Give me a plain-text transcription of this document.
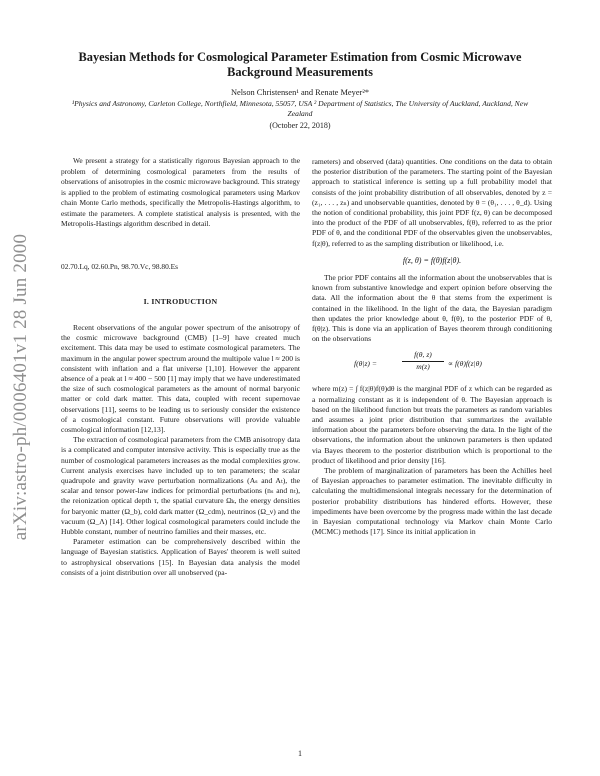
arXiv:astro-ph/0006401v1 28 Jun 2000
Bayesian Methods for Cosmological Parameter Estimation from Cosmic Microwave Background Measurements
Nelson Christensen¹ and Renate Meyer²*
¹Physics and Astronomy, Carleton College, Northfield, Minnesota, 55057, USA ² Department of Statistics, The University of Auckland, Auckland, New Zealand
(October 22, 2018)

We present a strategy for a statistically rigorous Bayesian approach to the problem of determining cosmological parameters from the results of observations of anisotropies in the cosmic microwave background. This strategy is applied to the problem of estimating cosmological parameters using Markov chain Monte Carlo methods, specifically the Metropolis-Hastings algorithm, to estimate the parameters. A complete statistical analysis is presented, with the Metropolis-Hastings algorithm described in detail.

02.70.Lq, 02.60.Pn, 98.70.Vc, 98.80.Es
I. INTRODUCTION

Recent observations of the angular power spectrum of the anisotropy of the cosmic microwave background (CMB) [1–9] have created much excitement. This data may be used to estimate cosmological parameters. The maximum in the angular power spectrum around the multipole value l ≈ 200 is consistent with inflation and a flat universe [1,10]. However the apparent absence of a peak at l ≈ 400 − 500 [1] may imply that we have underestimated the size of such cosmological parameters as the amount of normal baryonic matter or cold dark matter. This data, coupled with recent supernovae observations [11], seems to be leading us to seriously consider the existence of a cosmological constant. Future observations will provide valuable cosmological information [12,13].

The extraction of cosmological parameters from the CMB anisotropy data is a complicated and computer intensive activity. This is especially true as the number of cosmological parameters increases as the modal complexities grow. Current analysis exercises have included up to ten parameters; the scalar quadrupole and gravity wave perturbation normalizations (Aₛ and Aₜ), the scalar and tensor power-law indices for primordial perturbations (nₛ and nₜ), the reionization optical depth τ, the spatial curvature Ωₖ, the energy densities for baryonic matter (Ω_b), cold dark matter (Ω_cdm), neutrinos (Ω_ν) and the vacuum (Ω_Λ) [14]. Other logical cosmological parameters could include the Hubble constant, number of neutrino families and their masses, etc.

Parameter estimation can be comprehensively described within the language of Bayesian statistics. Application of Bayes' theorem is well suited to astrophysical observations [15]. In Bayesian data analysis the model consists of a joint distribution over all unobserved (pa-

rameters) and observed (data) quantities. One conditions on the data to obtain the posterior distribution of the parameters. The starting point of the Bayesian approach to statistical inference is setting up a full probability model that consists of the joint probability distribution of all observables, denoted by z = (z₁, . . . , zₙ) and unobservable quantities, denoted by θ = (θ₁, . . . , θ_d). Using the notion of conditional probability, this joint PDF f(z, θ) can be decomposed into the product of the PDF of all unobservables, f(θ), referred to as the prior PDF of θ, and the conditional PDF of the observables given the unobservables, f(z|θ), referred to as the sampling distribution or likelihood, i.e.

f(z, θ) = f(θ)f(z|θ).

The prior PDF contains all the information about the unobservables that is known from substantive knowledge and expert opinion before observing the data. All the information about the θ that stems from the experiment is contained in the likelihood. In the light of the data, the Bayesian paradigm then updates the prior knowledge about θ, f(θ), to the posterior PDF of θ, f(θ|z). This is done via an application of Bayes theorem through conditioning on the observations

f(θ|z) =	$\frac{f(\theta, z)}{m(z)} \propto f(\theta)f(z|\theta)$

where m(z) = ∫ f(z|θ)f(θ)dθ is the marginal PDF of z which can be regarded as a normalizing constant as it is independent of θ. The Bayesian approach is based on the likelihood function but treats the parameters as random variables and assumes a joint prior distribution that summarizes the available information about the parameters before observing the data. In the light of the observations, the information about the unknown parameters is then updated via Bayes theorem to the posterior distribution which is proportional to the product of likelihood and prior density [16].

The problem of marginalization of parameters has been the Achilles heel of Bayesian approaches to parameter estimation. The inevitable difficulty in calculating the multidimensional integrals necessary for the determination of posterior probability distributions has hindered efforts. However, these impediments have been overcome by the progress made within the last decade in Bayesian computational technology via Markov chain Monte Carlo (MCMC) methods [17]. Since its initial application in

1
